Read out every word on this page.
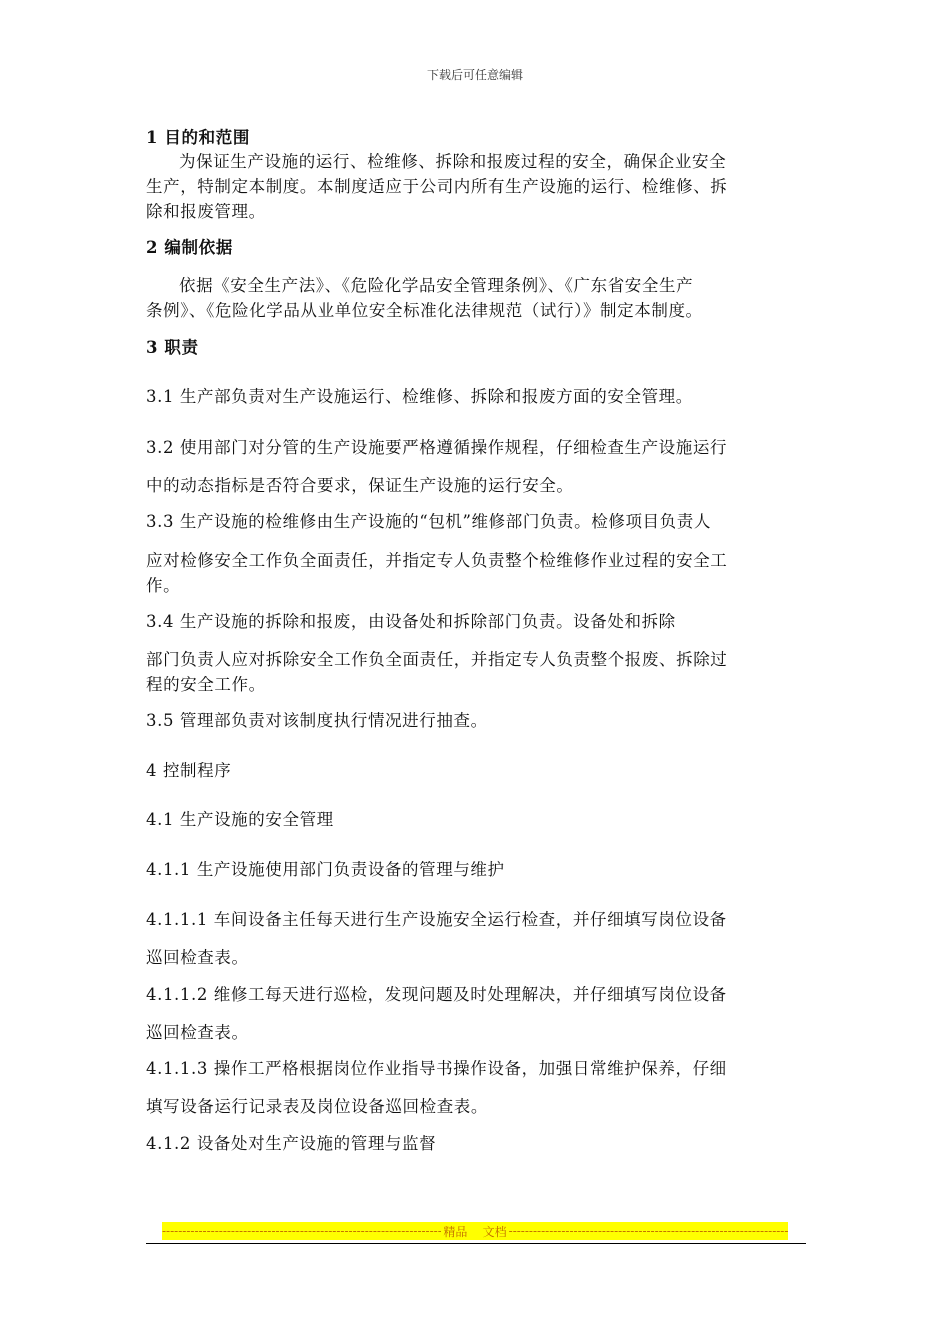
下载后可任意编辑
1 目的和范围
为保证生产设施的运行、检维修、拆除和报废过程的安全，确保企业安全
生产，特制定本制度。本制度适应于公司内所有生产设施的运行、检维修、拆
除和报废管理。
2 编制依据
依据《安全生产法》、《危险化学品安全管理条例》、《广东省安全生产
条例》、《危险化学品从业单位安全标准化法律规范（试行）》制定本制度。
3 职责
3.1 生产部负责对生产设施运行、检维修、拆除和报废方面的安全管理。
3.2 使用部门对分管的生产设施要严格遵循操作规程，仔细检查生产设施运行
中的动态指标是否符合要求，保证生产设施的运行安全。
3.3 生产设施的检维修由生产设施的“包机”维修部门负责。检修项目负责人
应对检修安全工作负全面责任，并指定专人负责整个检维修作业过程的安全工
作。
3.4 生产设施的拆除和报废，由设备处和拆除部门负责。设备处和拆除
部门负责人应对拆除安全工作负全面责任，并指定专人负责整个报废、拆除过
程的安全工作。
3.5 管理部负责对该制度执行情况进行抽查。
4 控制程序
4.1 生产设施的安全管理
4.1.1 生产设施使用部门负责设备的管理与维护
4.1.1.1 车间设备主任每天进行生产设施安全运行检查，并仔细填写岗位设备
巡回检查表。
4.1.1.2 维修工每天进行巡检，发现问题及时处理解决，并仔细填写岗位设备
巡回检查表。
4.1.1.3 操作工严格根据岗位作业指导书操作设备，加强日常维护保养，仔细
填写设备运行记录表及岗位设备巡回检查表。
4.1.2 设备处对生产设施的管理与监督
-----
精品    文档
-----
